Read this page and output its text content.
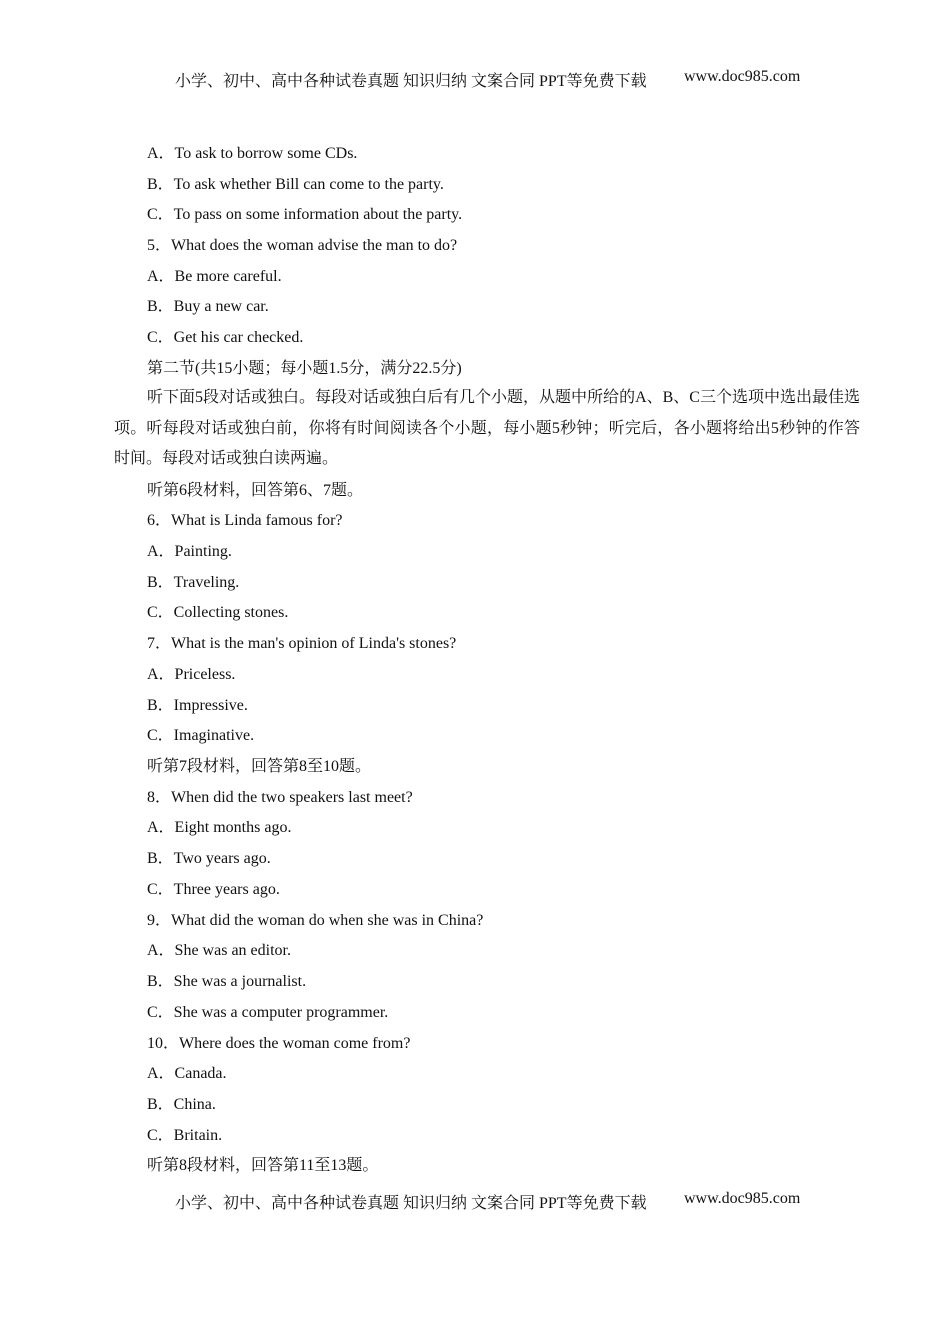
小学、初中、高中各种试卷真题 知识归纳 文案合同 PPT等免费下载 www.doc985.com
A．To ask to borrow some CDs.
B．To ask whether Bill can come to the party.
C．To pass on some information about the party.
5．What does the woman advise the man to do?
A．Be more careful.
B．Buy a new car.
C．Get his car checked.
第二节(共15小题；每小题1.5分，满分22.5分)
听下面5段对话或独白。每段对话或独白后有几个小题，从题中所给的A、B、C三个选项中选出最佳选项。听每段对话或独白前，你将有时间阅读各个小题，每小题5秒钟；听完后，各小题将给出5秒钟的作答时间。每段对话或独白读两遍。
听第6段材料，回答第6、7题。
6．What is Linda famous for?
A．Painting.
B．Traveling.
C．Collecting stones.
7．What is the man's opinion of Linda's stones?
A．Priceless.
B．Impressive.
C．Imaginative.
听第7段材料，回答第8至10题。
8．When did the two speakers last meet?
A．Eight months ago.
B．Two years ago.
C．Three years ago.
9．What did the woman do when she was in China?
A．She was an editor.
B．She was a journalist.
C．She was a computer programmer.
10．Where does the woman come from?
A．Canada.
B．China.
C．Britain.
听第8段材料，回答第11至13题。
小学、初中、高中各种试卷真题 知识归纳 文案合同 PPT等免费下载 www.doc985.com
